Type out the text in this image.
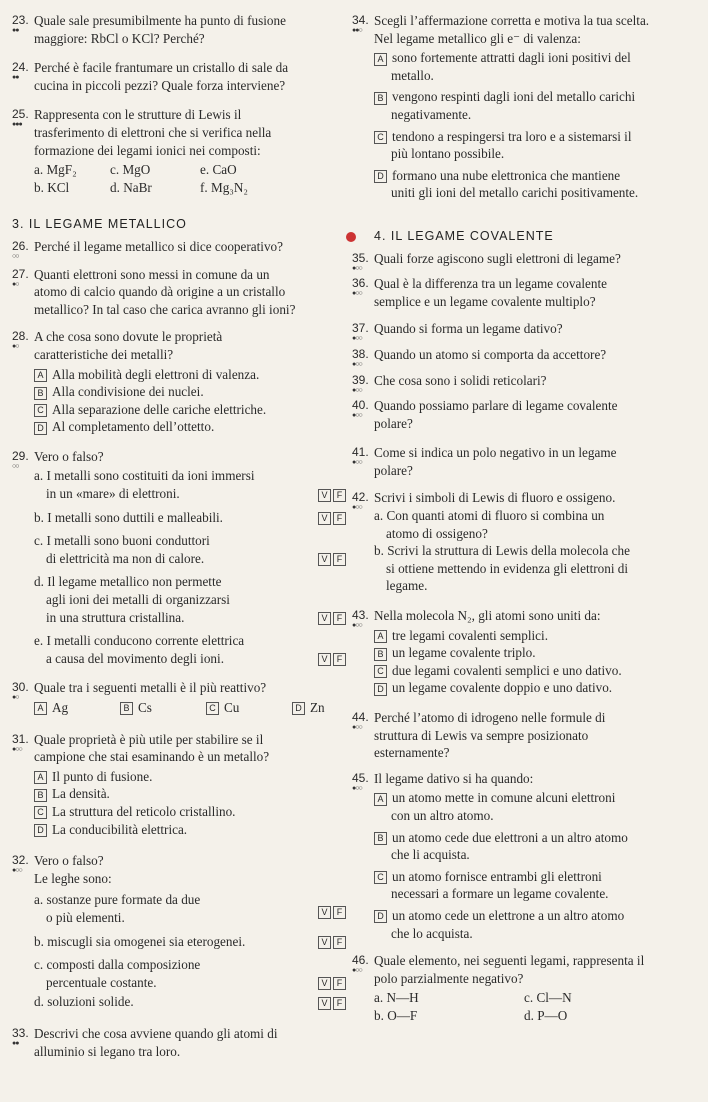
23.
●●
Quale sale presumibilmente ha punto di fusione
maggiore: RbCl o KCl? Perché?
24.
●●
Perché è facile frantumare un cristallo di sale da
cucina in piccoli pezzi? Quale forza interviene?
25.
●●●
Rappresenta con le strutture di Lewis il
trasferimento di elettroni che si verifica nella
formazione dei legami ionici nei composti:
a. MgF₂	c. MgO	e. CaO
b. KCl	d. NaBr	f. Mg₃N₂
3. IL LEGAME METALLICO
26.
○○
Perché il legame metallico si dice cooperativo?
27.
●○
Quanti elettroni sono messi in comune da un
atomo di calcio quando dà origine a un cristallo
metallico? In tal caso che carica avranno gli ioni?
28.
●○
A che cosa sono dovute le proprietà
caratteristiche dei metalli?
A Alla mobilità degli elettroni di valenza.
B Alla condivisione dei nuclei.
C Alla separazione delle cariche elettriche.
D Al completamento dell’ottetto.
29.
○○
Vero o falso?
a. I metalli sono costituiti da ioni immersi
in un «mare» di elettroni.	V F
b. I metalli sono duttili e malleabili.	V F
c. I metalli sono buoni conduttori
di elettricità ma non di calore.	V F
d. Il legame metallico non permette
agli ioni dei metalli di organizzarsi
in una struttura cristallina.	V F
e. I metalli conducono corrente elettrica
a causa del movimento degli ioni.	V F
30.
●○
Quale tra i seguenti metalli è il più reattivo?
A Ag	B Cs	C Cu	D Zn
31.
●○○
Quale proprietà è più utile per stabilire se il
campione che stai esaminando è un metallo?
A Il punto di fusione.
B La densità.
C La struttura del reticolo cristallino.
D La conducibilità elettrica.
32.
●○○
Vero o falso?
Le leghe sono:
a. sostanze pure formate da due
o più elementi.	V F
b. miscugli sia omogenei sia eterogenei.	V F
c. composti dalla composizione
percentuale costante.	V F
d. soluzioni solide.	V F
33.
●●
Descrivi che cosa avviene quando gli atomi di
alluminio si legano tra loro.
34.
●●○
Scegli l’affermazione corretta e motiva la tua scelta.
Nel legame metallico gli e⁻ di valenza:
A sono fortemente attratti dagli ioni positivi del
metallo.
B vengono respinti dagli ioni del metallo carichi
negativamente.
C tendono a respingersi tra loro e a sistemarsi il
più lontano possibile.
D formano una nube elettronica che mantiene
uniti gli ioni del metallo carichi positivamente.
4. IL LEGAME COVALENTE
35.
●○○
Quali forze agiscono sugli elettroni di legame?
36.
●○○
Qual è la differenza tra un legame covalente
semplice e un legame covalente multiplo?
37.
●○○
Quando si forma un legame dativo?
38.
●○○
Quando un atomo si comporta da accettore?
39.
●○○
Che cosa sono i solidi reticolari?
40.
●○○
Quando possiamo parlare di legame covalente
polare?
41.
●○○
Come si indica un polo negativo in un legame
polare?
42.
●○○
Scrivi i simboli di Lewis di fluoro e ossigeno.
a. Con quanti atomi di fluoro si combina un
atomo di ossigeno?
b. Scrivi la struttura di Lewis della molecola che
si ottiene mettendo in evidenza gli elettroni di
legame.
43.
●○○
Nella molecola N₂, gli atomi sono uniti da:
A tre legami covalenti semplici.
B un legame covalente triplo.
C due legami covalenti semplici e uno dativo.
D un legame covalente doppio e uno dativo.
44.
●○○
Perché l’atomo di idrogeno nelle formule di
struttura di Lewis va sempre posizionato
esternamente?
45.
●○○
Il legame dativo si ha quando:
A un atomo mette in comune alcuni elettroni
con un altro atomo.
B un atomo cede due elettroni a un altro atomo
che li acquista.
C un atomo fornisce entrambi gli elettroni
necessari a formare un legame covalente.
D un atomo cede un elettrone a un altro atomo
che lo acquista.
46.
●○○
Quale elemento, nei seguenti legami, rappresenta il
polo parzialmente negativo?
a. N—H	c. Cl—N
b. O—F	d. P—O
